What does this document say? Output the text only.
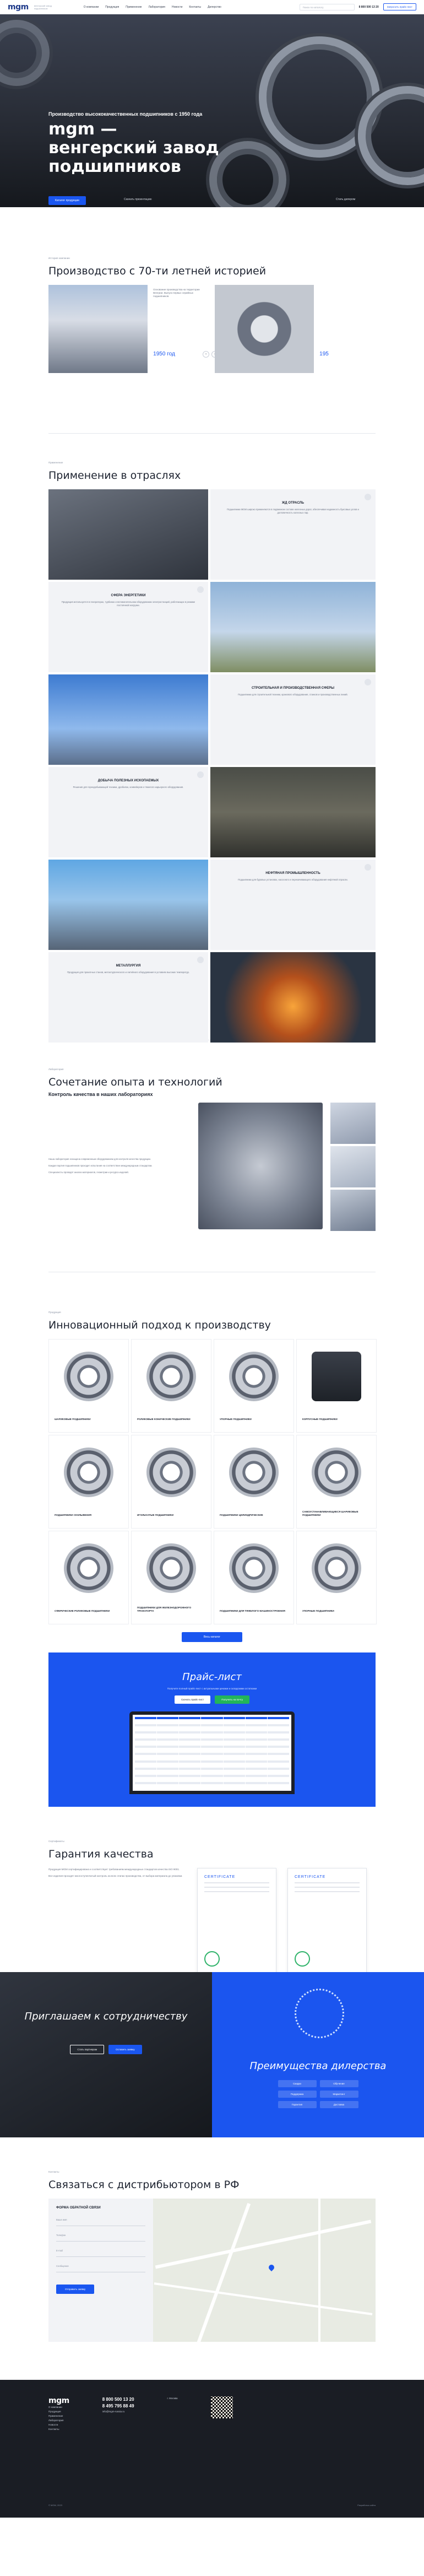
mgm	венгерский завод подшипников	О компании Продукция Применение Лаборатория Новости Контакты Дилерство	Поиск по каталогу	8 800 500 13 20	Запросить прайс-лист
Производство высококачественных подшипников с 1950 года
mgm — венгерский завод подшипников
Каталог продукции	Скачать презентацию	Стать дилером
История компании
Производство с 70-ти летней историей

Основание производства на территории Венгрии. Выпуск первых серийных подшипников.

1950 год	‹	195
Применение
Применение в отраслях
ЖД ОТРАСЛЬ
Подшипники MGM широко применяются в подвижном составе железных дорог, обеспечивая надежность буксовых узлов и долговечность колесных пар.
СФЕРА ЭНЕРГЕТИКИ
Продукция используется в генераторах, турбинах и вспомогательном оборудовании электростанций, работающих в режиме постоянной нагрузки.
СТРОИТЕЛЬНАЯ И ПРОИЗВОДСТВЕННАЯ СФЕРЫ
Подшипники для строительной техники, кранового оборудования, станков и производственных линий.
ДОБЫЧА ПОЛЕЗНЫХ ИСКОПАЕМЫХ
Решения для горнодобывающей техники, дробилок, конвейеров и тяжелого карьерного оборудования.
НЕФТЯНАЯ ПРОМЫШЛЕННОСТЬ
Подшипники для буровых установок, насосного и перекачивающего оборудования нефтяной отрасли.
МЕТАЛЛУРГИЯ
Продукция для прокатных станов, металлургического и литейного оборудования в условиях высоких температур.
Лаборатория
Сочетание опыта и технологий
Контроль качества в наших лабораториях

Наша лаборатория оснащена современным оборудованием для контроля качества продукции.

Каждая партия подшипников проходит испытания на соответствие международным стандартам.

Специалисты проводят анализ материалов, геометрии и ресурса изделий.

Продукция
Инновационный подход к производству
ШАРИКОВЫЕ ПОДШИПНИКИ	РОЛИКОВЫЕ КОНИЧЕСКИЕ ПОДШИПНИКИ	УПОРНЫЕ ПОДШИПНИКИ	КОРПУСНЫЕ ПОДШИПНИКИ
ПОДШИПНИКИ СКОЛЬЖЕНИЯ	ИГОЛЬЧАТЫЕ ПОДШИПНИКИ	ПОДШИПНИКИ ЦИЛИНДРИЧЕСКИЕ
САМОУСТАНАВЛИВАЮЩИЕСЯ ШАРИКОВЫЕ ПОДШИПНИКИ
СФЕРИЧЕСКИЕ РОЛИКОВЫЕ ПОДШИПНИКИ
ПОДШИПНИКИ ДЛЯ ЖЕЛЕЗНОДОРОЖНОГО ТРАНСПОРТА	ПОДШИПНИКИ ДЛЯ ТЯЖЕЛОГО МАШИНОСТРОЕНИЯ	УПОРНЫЕ ПОДШИПНИКИ
Весь каталог
Прайс-лист
Получите полный прайс-лист с актуальными ценами и складскими остатками
Скачать прайс-лист	Получить на почту
Сертификаты
Гарантия качества

Продукция MGM сертифицирована и соответствует требованиям международных стандартов качества ISO 9001.

Все изделия проходят многоступенчатый контроль на всех этапах производства, от выбора материала до упаковки.	CERTIFICATE	CERTIFICATE
Приглашаем к сотрудничеству
Стать партнером	Оставить заявку
Преимущества дилерства
Скидки	Обучение
Поддержка	Маркетинг
Гарантия	Доставка
Контакты
Связаться с дистрибьютором в РФ
ФОРМА ОБРАТНОЙ СВЯЗИ
Ваше имя
Телефон
E-mail
Сообщение
Отправить заявку
mgm

О компании

Продукция

Применение

Лаборатория

Новости

Контакты

8 800 500 13 20
8 495 795 88 49

info@mgm-russia.ru

г. Москва

© MGM, 2023	Разработка сайта
